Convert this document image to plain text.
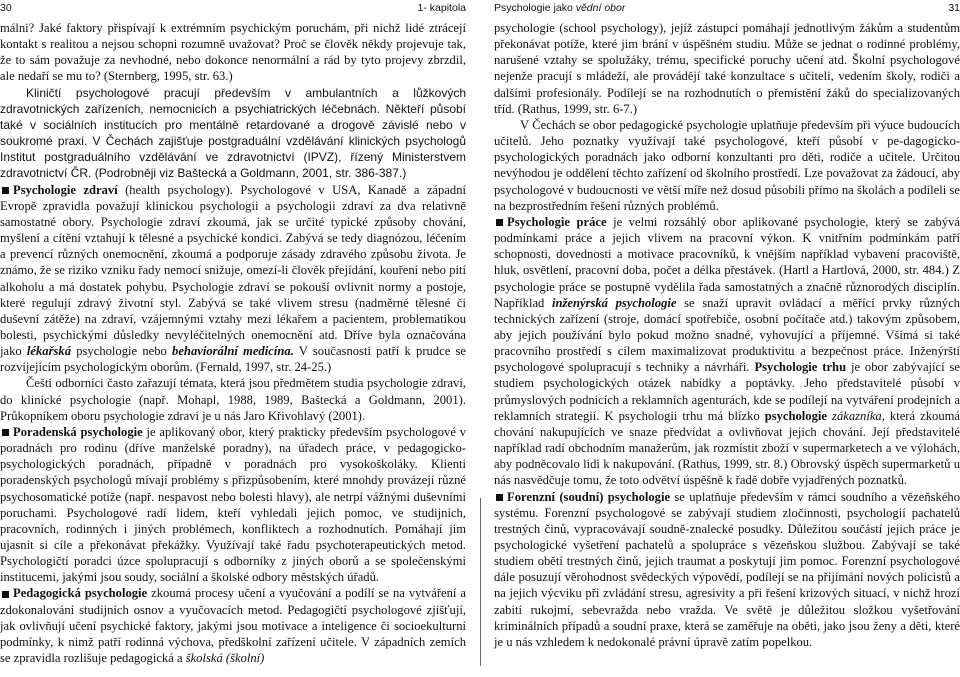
30	1- kapitola

málni? Jaké faktory přispívají k extrémním psychickým poruchám, při nichž lidé ztrácejí kontakt s realitou a nejsou schopni rozumně uvažovat? Proč se člověk někdy projevuje tak, že to sám považuje za nevhodné, nebo dokonce nenormální a rád by tyto projevy zbrzdil, ale nedaří se mu to? (Sternberg, 1995, str. 63.)

Kliničtí psychologové pracují především v ambulantních a lůžkových zdravotnických zařízeních, nemocnicích a psychiatrických léčebnách. Někteří působí také v sociálních institucích pro mentálně retardované a drogově závislé nebo v soukromé praxi. V Čechách zajišťuje postgraduální vzdělávání klinických psychologů Institut postgraduálního vzdělávání ve zdravotnictví (IPVZ), řízený Ministerstvem zdravotnictví ČR. (Podrobněji viz Baštecká a Goldmann, 2001, str. 386-387.)

Psychologie zdraví (health psychology). Psychologové v USA, Kanadě a západní Evropě zpravidla považují klinickou psychologii a psychologii zdraví za dva relativně samostatné obory. Psychologie zdraví zkoumá, jak se určité typické způsoby chování, myšlení a cítění vztahují k tělesné a psychické kondici. Zabývá se tedy diagnózou, léčením a prevencí různých onemocnění, zkoumá a podporuje zásady zdravého způsobu života. Je známo, že se riziko vzniku řady nemocí snižuje, omezí-li člověk přejídání, kouření nebo pití alkoholu a má dostatek pohybu. Psychologie zdraví se pokouší ovlivnit normy a postoje, které regulují zdravý životní styl. Zabývá se také vlivem stresu (nadměrné tělesné či duševní zátěže) na zdraví, vzájemnými vztahy mezi lékařem a pacientem, problematikou bolesti, psychickými důsledky nevyléčitelných onemocnění atd. Dříve byla označována jako lékařská psychologie nebo behaviorální medicína. V současnosti patří k prudce se rozvíjejícím psychologickým oborům. (Fernald, 1997, str. 24-25.)

Čeští odborníci často zařazují témata, která jsou předmětem studia psychologie zdraví, do klinické psychologie (např. Mohapl, 1988, 1989, Baštecká a Goldmann, 2001). Průkopníkem oboru psychologie zdraví je u nás Jaro Křivohlavý (2001).

Poradenská psychologie je aplikovaný obor, který prakticky především psychologové v poradnách pro rodinu (dříve manželské poradny), na úřadech práce, v pedagogicko-psychologických poradnách, případně v poradnách pro vysokoškoláky. Klienti poradenských psychologů mívají problémy s přizpůsobením, které mnohdy provázejí různé psychosomatické potíže (např. nespavost nebo bolesti hlavy), ale netrpí vážnými duševními poruchami. Psychologové radí lidem, kteří vyhledali jejich pomoc, ve studijních, pracovních, rodinných i jiných problémech, konfliktech a rozhodnutích. Pomáhají jim ujasnit si cíle a překonávat překážky. Využívají také řadu psychoterapeutických metod. Psychologičtí poradci úzce spolupracují s odborníky z jiných oborů a se společenskými institucemi, jakými jsou soudy, sociální a školské odbory městských úřadů.

Pedagogická psychologie zkoumá procesy učení a vyučování a podílí se na vytváření a zdokonalování studijních osnov a vyučovacích metod. Pedagogičtí psychologové zjišťují, jak ovlivňují učení psychické faktory, jakými jsou motivace a inteligence či socioekulturní podmínky, k nimž patří rodinná výchova, předškolní zařízení učitele. V západních zemích se zpravidla rozlišuje pedagogická a školská (školní)

Psychologie jako vědní obor	31

psychologie (school psychology), jejíž zástupci pomáhají jednotlivým žákům a studentům překonávat potíže, které jim brání v úspěšném studiu. Může se jednat o rodinné problémy, narušené vztahy se spolužáky, trému, specifické poruchy učení atd. Školní psychologové nejenže pracují s mládeží, ale provádějí také konzultace s učiteli, vedením školy, rodiči a dalšími profesionály. Podílejí se na rozhodnutích o přemístění žáků do specializovaných tříd. (Rathus, 1999, str. 6-7.)

V Čechách se obor pedagogické psychologie uplatňuje především při výuce budoucích učitelů. Jeho poznatky využívají také psychologové, kteří působí v pe-dagogicko-psychologických poradnách jako odborní konzultanti pro děti, rodiče a učitele. Určitou nevýhodou je oddělení těchto zařízení od školního prostředí. Lze považovat za žádoucí, aby psychologové v budoucnosti ve větší míře než dosud působili přímo na školách a podíleli se na bezprostředním řešení různých problémů.

Psychologie práce je velmi rozsáhlý obor aplikované psychologie, který se zabývá podmínkami práce a jejich vlivem na pracovní výkon. K vnitřním podmínkám patří schopnosti, dovednosti a motivace pracovníků, k vnějším například vybavení pracoviště, hluk, osvětlení, pracovní doba, počet a délka přestávek. (Hartl a Hartlová, 2000, str. 484.) Z psychologie práce se postupně vydělila řada samostatných a značně různorodých disciplín. Například inženýrská psychologie se snaží upravit ovládací a měřící prvky různých technických zařízení (stroje, domácí spotřebiče, osobní počítače atd.) takovým způsobem, aby jejich používání bylo pokud možno snadné, vyhovující a příjemné. Všímá si také pracovního prostředí s cílem maximalizovat produktivitu a bezpečnost práce. Inženýrští psychologové spolupracují s techniky a návrháři. Psychologie trhu je obor zabývající se studiem psychologických otázek nabídky a poptávky. Jeho představitelé působí v průmyslových podnicích a reklamních agenturách, kde se podílejí na vytváření prodejních a reklamních strategií. K psychologii trhu má blízko psychologie zákazníka, která zkoumá chování nakupujících ve snaze předvídat a ovlivňovat jejich chování. Její představitelé například radí obchodním manažerům, jak rozmístit zboží v supermarketech a ve výlohách, aby podněcovalo lidi k nakupování. (Rathus, 1999, str. 8.) Obrovský úspěch supermarketů u nás nasvědčuje tomu, že toto odvětví úspěšně k řadě dobře vyjadřených poznatků.

Forenzní (soudní) psychologie se uplatňuje především v rámci soudního a vězeňského systému. Forenzní psychologové se zabývají studiem zločinnosti, psychologií pachatelů trestných činů, vypracovávají soudně-znalecké posudky. Důležitou součástí jejich práce je psychologické vyšetření pachatelů a spolupráce s vězeňskou službou. Zabývají se také studiem obětí trestných činů, jejich traumat a poskytují jim pomoc. Forenzní psychologové dále posuzují věrohodnost svědeckých výpovědí, podílejí se na přijímání nových policistů a na jejich výcviku při zvládání stresu, agresivity a při řešení krizových situací, v nichž hrozí zabití rukojmí, sebevražda nebo vražda. Ve světě je důležitou složkou vyšetřování kriminálních případů a soudní praxe, která se zaměřuje na oběti, jako jsou ženy a děti, které je u nás vzhledem k nedokonalé právní úpravě zatím popelkou.
